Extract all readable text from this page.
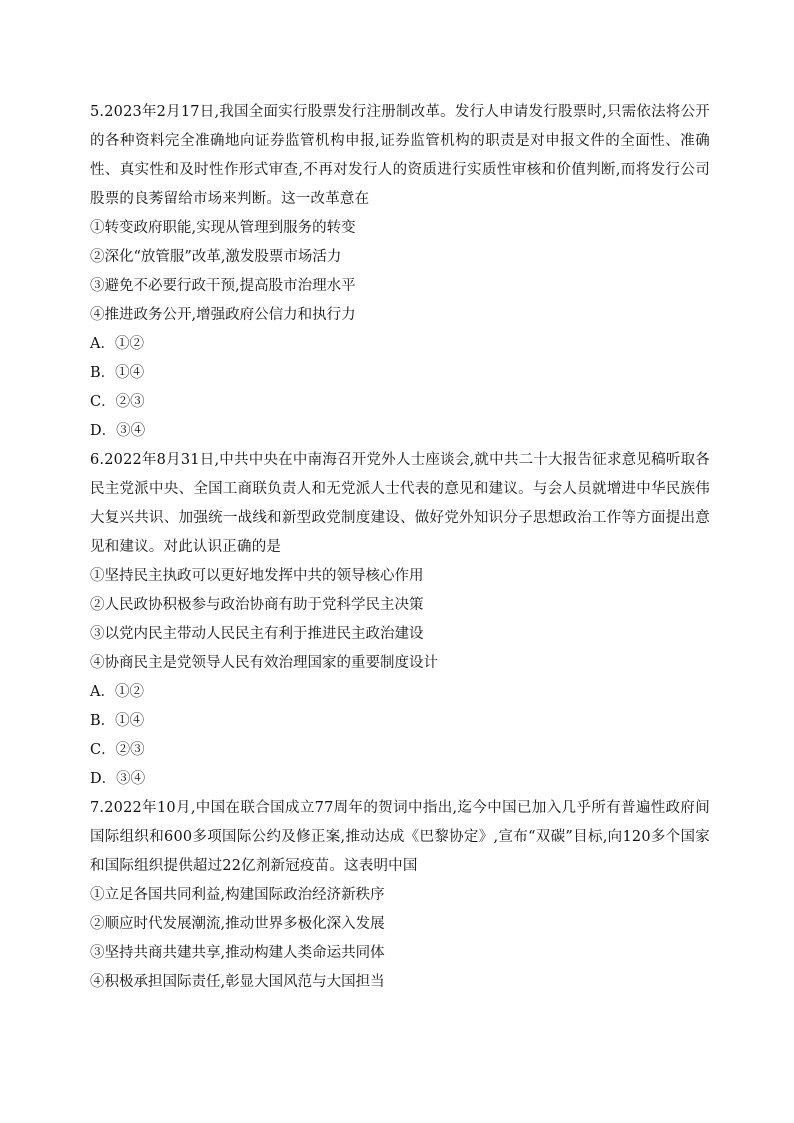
5.2023年2月17日,我国全面实行股票发行注册制改革。发行人申请发行股票时,只需依法将公开的各种资料完全准确地向证券监管机构申报,证券监管机构的职责是对申报文件的全面性、准确性、真实性和及时性作形式审查,不再对发行人的资质进行实质性审核和价值判断,而将发行公司股票的良莠留给市场来判断。这一改革意在

①转变政府职能,实现从管理到服务的转变

②深化“放管服”改革,激发股票市场活力

③避免不必要行政干预,提高股市治理水平

④推进政务公开,增强政府公信力和执行力

A．①②

B．①④

C．②③

D．③④

6.2022年8月31日,中共中央在中南海召开党外人士座谈会,就中共二十大报告征求意见稿听取各民主党派中央、全国工商联负责人和无党派人士代表的意见和建议。与会人员就增进中华民族伟大复兴共识、加强统一战线和新型政党制度建设、做好党外知识分子思想政治工作等方面提出意见和建议。对此认识正确的是

①坚持民主执政可以更好地发挥中共的领导核心作用

②人民政协积极参与政治协商有助于党科学民主决策

③以党内民主带动人民民主有利于推进民主政治建设

④协商民主是党领导人民有效治理国家的重要制度设计

A．①②

B．①④

C．②③

D．③④

7.2022年10月,中国在联合国成立77周年的贺词中指出,迄今中国已加入几乎所有普遍性政府间国际组织和600多项国际公约及修正案,推动达成《巴黎协定》,宣布“双碳”目标,向120多个国家和国际组织提供超过22亿剂新冠疫苗。这表明中国

①立足各国共同利益,构建国际政治经济新秩序

②顺应时代发展潮流,推动世界多极化深入发展

③坚持共商共建共享,推动构建人类命运共同体

④积极承担国际责任,彰显大国风范与大国担当
